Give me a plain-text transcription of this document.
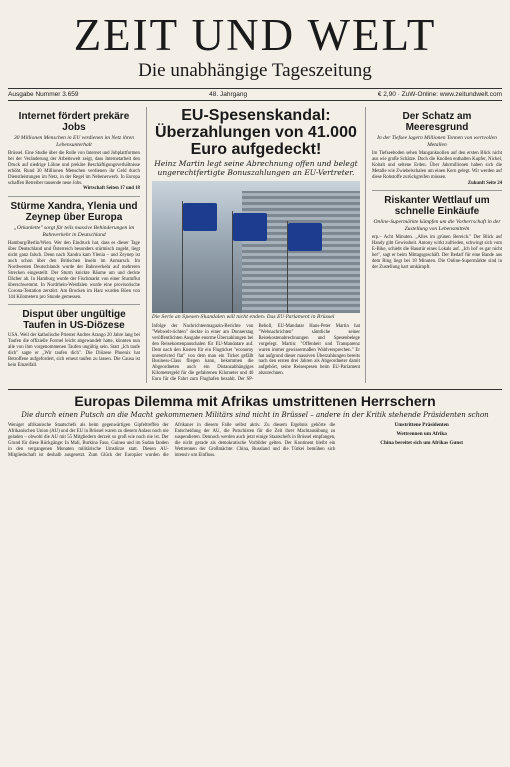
ZEIT UND WELT
Die unabhängige Tageszeitung
Ausgabe Nummer 3.659	48. Jahrgang	€ 2,90 · ZuW-Online: www.zeitundwelt.com
Internet fördert prekäre Jobs
30 Millionen Menschen in EU verdienen im Netz ihren Lebensunterhalt
Brüssel. Eine Studie über die Rolle von Internet und Jobplattformen bei der Veränderung der Arbeitswelt zeigt, dass Internetarbeit den Druck auf niedrige Löhne und prekäre Beschäftigungsverhältnisse erhöht. Rund 30 Millionen Menschen verdienen ihr Geld durch Dienstleistungen im Netz, in der Regel im Nebenerwerb. In Europa schaffen Betreiber tausende neue Jobs.
Wirtschaft Seiten 17 und 18
Stürme Xandra, Ylenia und Zeynep über Europa
„Orkanlette" sorgt für teils massive Behinderungen im Bahnverkehr in Deutschland
Hamburg/Berlin/Wien. Wer den Eindruck hat, dass es dieser Tage über Deutschland und Österreich besonders stürmisch zugeht, liegt nicht ganz falsch. Denn nach Xandra kam Ylenia – und Zeynep ist auch schon über den Britischen Inseln im Anmarsch. Im Nordwesten Deutschlands wurde der Bahnverkehr auf mehreren Strecken eingestellt. Der Sturm knickte Bäume um und deckte Dächer ab. In Hamburg wurde der Fischmarkt von einer Sturmflut überschwemmt. In Nordrhein-Westfalen wurde eine provisorische Corona-Testation zerstört. Am Brocken im Harz wurden Böen von 144 Kilometern pro Stunde gemessen.
Disput über ungültige Taufen in US-Diözese
USA. Weil der katholische Priester Andres Arango 20 Jahre lang bei Taufen die offizielle Formel leicht abgewandelt hatte, könnten nun alle von ihm vorgenommenen Taufen ungültig sein. Statt „Ich taufe dich" sagte er „Wir taufen dich". Die Diözese Phoenix hat Betroffene aufgefordert, sich erneut taufen zu lassen. Die Causa ist kein Einzelfall.
EU-Spesenskandal: Überzahlungen von 41.000 Euro aufgedeckt!
Heinz Martin legt seine Abrechnung offen und belegt ungerechtfertigte Bonuszahlungen an EU-Vertreter.
Die Serie an Spesen-Skandalen will nicht enden: Das EU-Parlament in Brüssel
Infolge der Nachrichtenmagazin-Berichte von "Webwelt-richten" deckte in einer am Donnerstag veröffentlichten Ausgabe enorme Überzahlungen bei den Reisekostenpauschalen für EU-Mandatare auf. Dem nach den Kosten für ein Flugticket "economy unrestricted flat" von dem man ein Ticket gefällt Business-Class fliegen kann, bekommen die Abgeordneten auch ein Distanzabhängiges Kilometergeld für die gefahrenen Kilometer und 40 Euro für die Fahrt zum Flughafen bezahlt. Der SP-Beholl, EU-Mandatar Hans-Peter Martin hat "Webnachrichten" sämtliche seiner Reisekostenabrechnungen und Spesenbelege vorgelegt. Martin: "Offenheit und Transparenz waren immer gewissermaßen Wahlversprechen." Er hat aufgrund dieser massiven Überzahlungen bereits nach den ersten drei Jahren als Abgeordneter damit aufgehört, seine Reisespesen beim EU-Parlament abzurechnen.
Der Schatz am Meeresgrund
In der Tiefsee lagern Millionen Tonnen von wertvollen Metallen
Im Tiefseeboden sehen Manganknollen auf den ersten Blick nicht aus wie große Schätze. Doch die Knollen enthalten Kupfer, Nickel, Kobalt und seltene Erden. Über Jahrmillionen haben sich die Metalle wie Zwiebelschalen um einen Kern gelegt. Wir werden auf diese Rohstoffe zurückgreifen müssen.
Zukunft Seite 24
Riskanter Wettlauf um schnelle Einkäufe
Online-Supermärkte kämpfen um die Vorherrschaft in der Zustellung von Lebensmitteln
erp.– Acht Minuten. „Alles im grünen Bereich." Der Blick auf Handy gibt Gewissheit. Antony wirkt zufrieden, schwingt sich vom E-Bike, schiebt die Haustür eines Lokals auf. „Ich hol' es gar nicht her", sagt er beim Mittagsgeschäft. Der Bedarf für eine Bande aus dem Ring liegt bei 18 Minuten. Die Online-Supermärkte sind in der Zustellung hart umkämpft.
Europas Dilemma mit Afrikas umstrittenen Herrschern
Die durch einen Putsch an die Macht gekommenen Militärs sind nicht in Brüssel – andere in der Kritik stehende Präsidenten schon
Weniger afrikanische Staatschefs als beim gegenwärtigen Gipfeltreffen der Afrikanischen Union (AU) und der EU in Brüssel waren zu diesem Anlass noch nie geladen – obwohl die AU mit 55 Mitgliedern derzeit so groß wie noch nie ist. Der Grund für diese Rückgänge: In Mali, Burkina Faso, Guinea und im Sudan fanden in den vergangenen Monaten militärische Umstürze statt. Diesen AU-Mitgliedschaft ist deshalb ausgesetzt. Zum Glück der Europäer wurden die Afrikaner in diesem Falle selbst aktiv. Zu diesem Ergebnis gehörte die Entscheidung der AU, die Putschisten für die Zeit ihrer Machtausübung zu suspendieren. Dennoch werden auch jetzt einige Staatschefs in Brüssel empfangen, die nicht gerade als demokratische Vorbilder gelten. Der Kontinent bleibt ein Wettrennen der Großmächte: China, Russland und die Türkei bemühen sich intensiv um Einfluss.
Umstrittene Präsidenten
Wettrennen um Afrika
China bereitet sich um Afrikas Gunst
